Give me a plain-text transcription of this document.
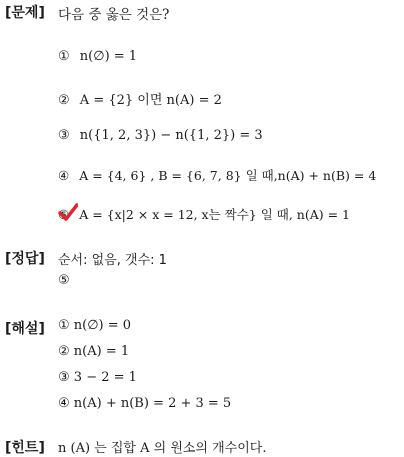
[문제] 다음 중 옳은 것은?
① n(∅) = 1
② A = {2} 이면 n(A) = 2
③ n({1, 2, 3}) − n({1, 2}) = 3
④ A = {4, 6} , B = {6, 7, 8} 일 때,n(A) + n(B) = 4
⑤ A = {x|2 × x = 12, x는 짝수} 일 때, n(A) = 1
[정답] 순서: 없음, 갯수: 1
⑤
[해설] ① n(∅) = 0
② n(A) = 1
③ 3 − 2 = 1
④ n(A) + n(B) = 2 + 3 = 5
[힌트] n (A) 는 집합 A 의 원소의 개수이다.
